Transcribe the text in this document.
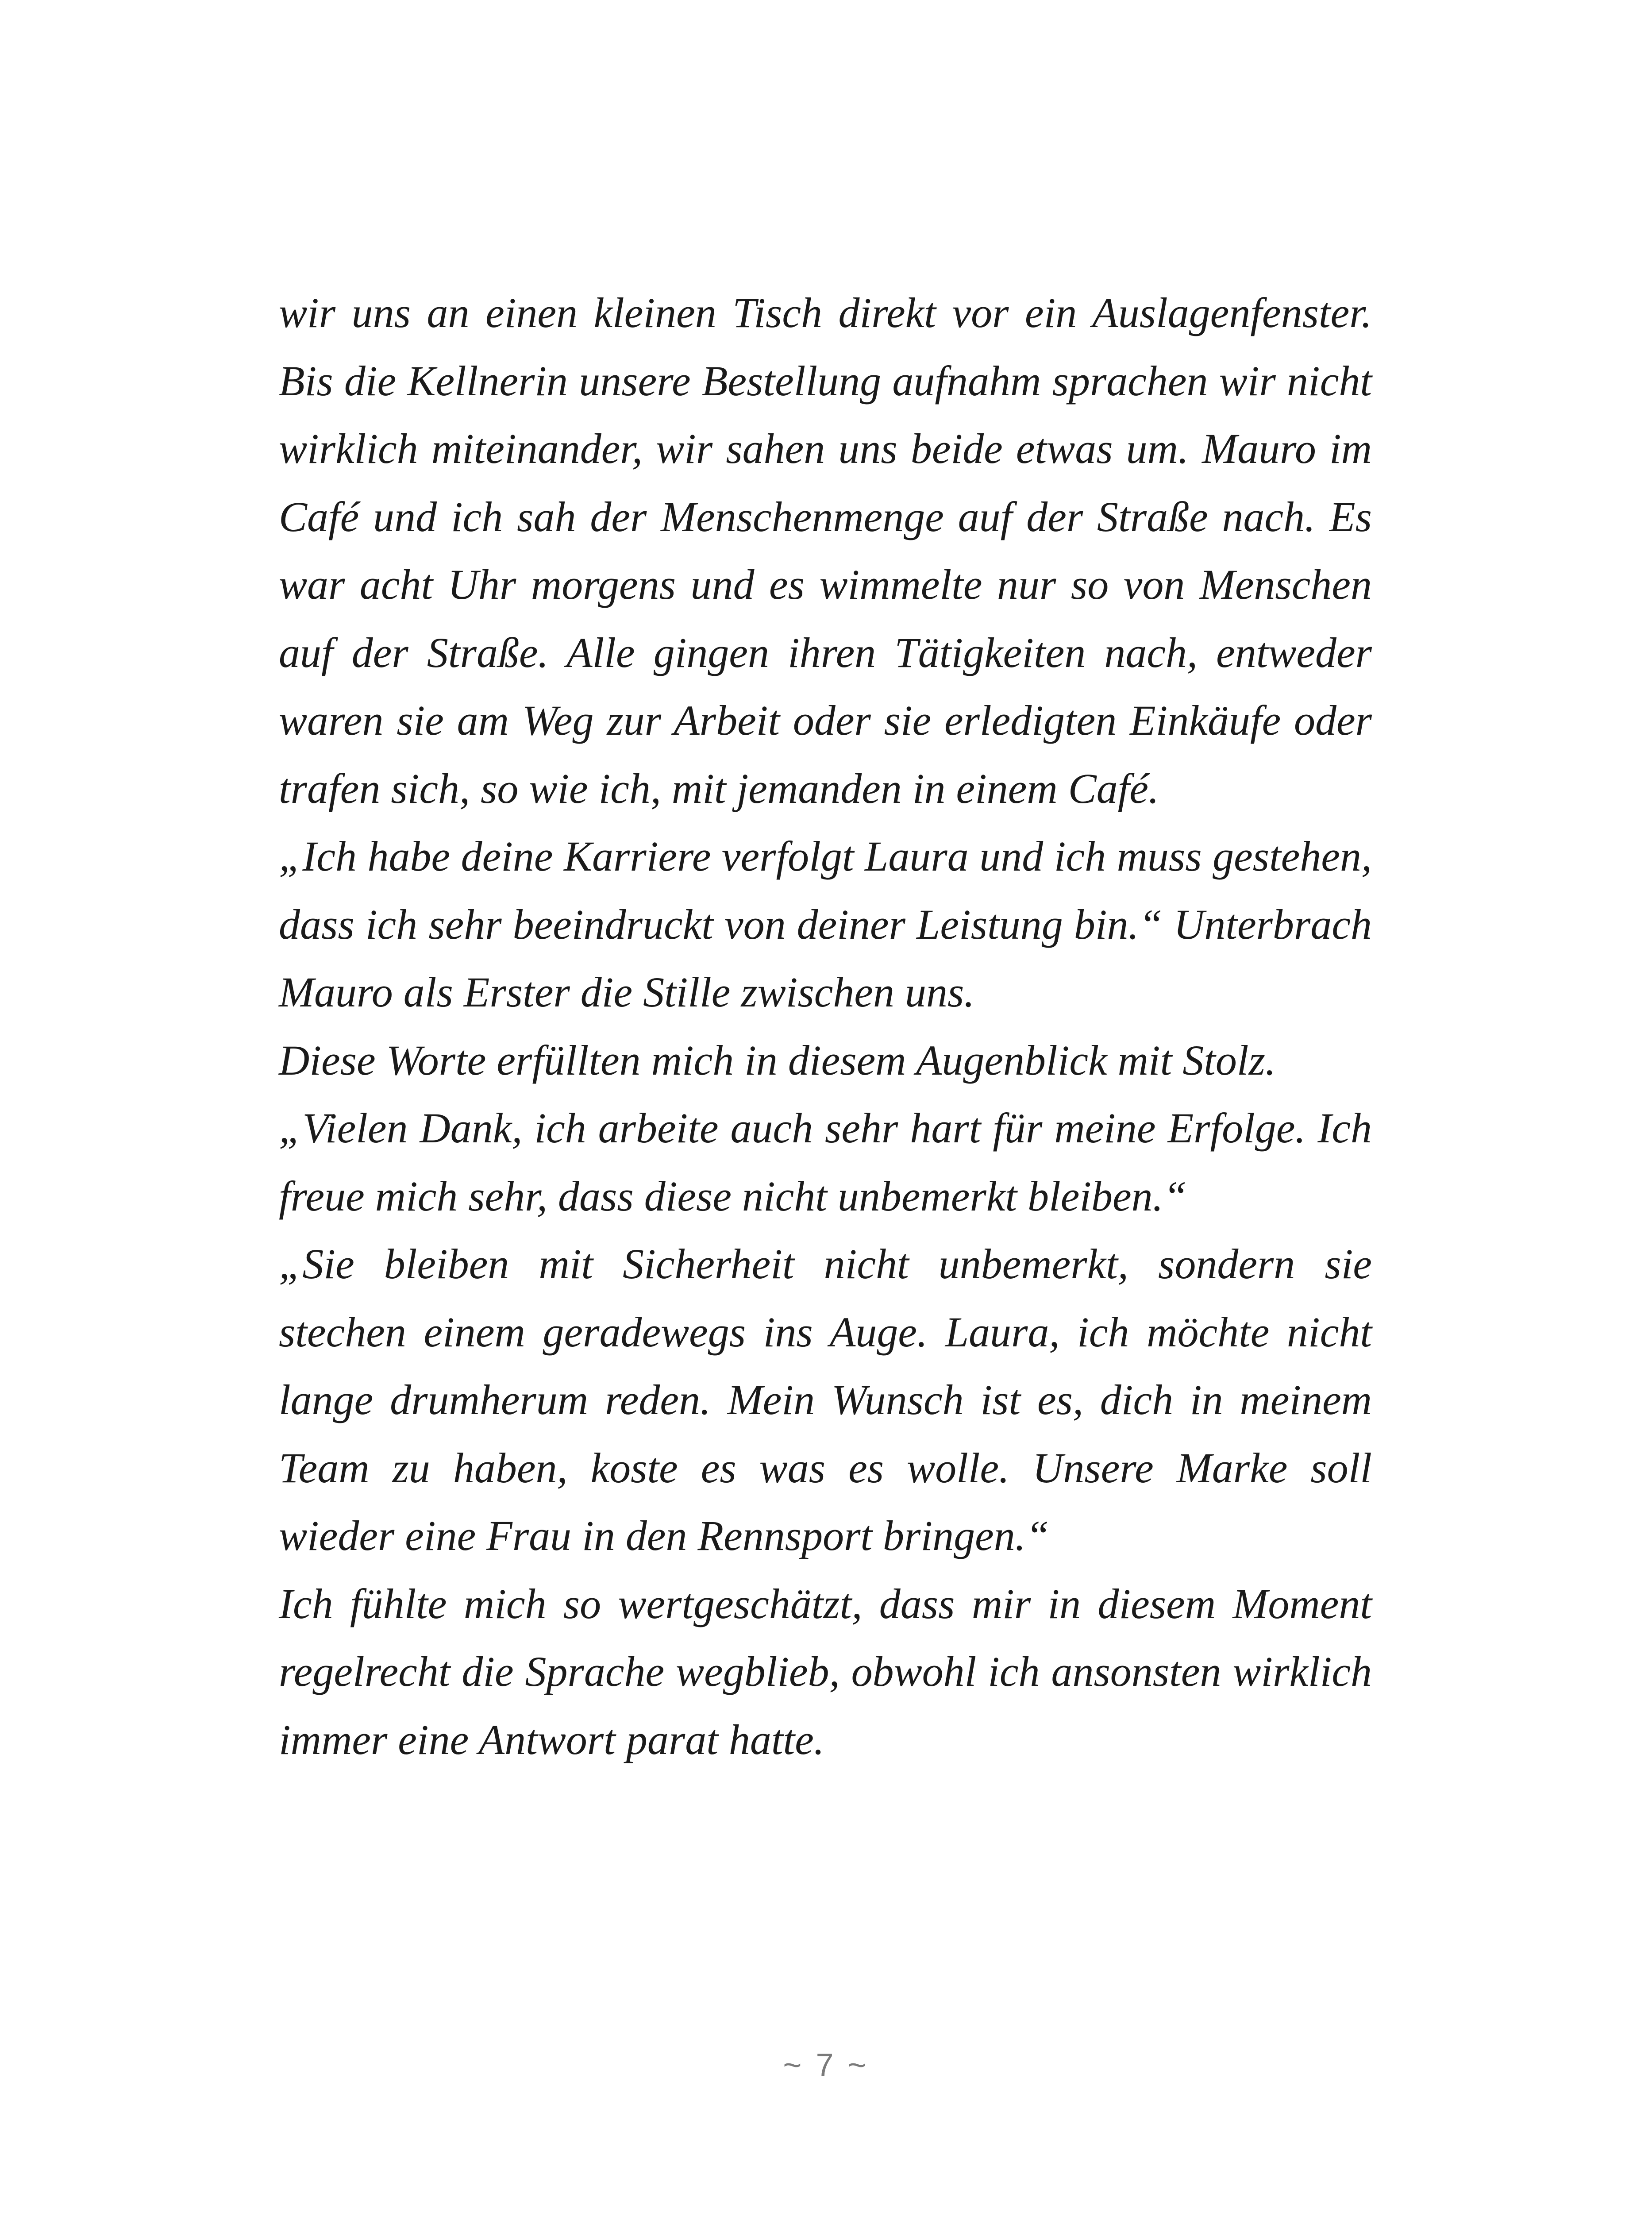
wir uns an einen kleinen Tisch direkt vor ein Auslagenfenster. Bis die Kellnerin unsere Bestellung aufnahm sprachen wir nicht wirklich miteinander, wir sahen uns beide etwas um. Mauro im Café und ich sah der Menschenmenge auf der Straße nach. Es war acht Uhr morgens und es wimmelte nur so von Menschen auf der Straße. Alle gingen ihren Tätigkeiten nach, entweder waren sie am Weg zur Arbeit oder sie erledigten Einkäufe oder trafen sich, so wie ich, mit jemanden in einem Café.

„Ich habe deine Karriere verfolgt Laura und ich muss gestehen, dass ich sehr beeindruckt von deiner Leistung bin.“ Unterbrach Mauro als Erster die Stille zwischen uns.

Diese Worte erfüllten mich in diesem Augenblick mit Stolz.

„Vielen Dank, ich arbeite auch sehr hart für meine Erfolge. Ich freue mich sehr, dass diese nicht unbemerkt bleiben.“

„Sie bleiben mit Sicherheit nicht unbemerkt, sondern sie stechen einem geradewegs ins Auge. Laura, ich möchte nicht lange drumherum reden. Mein Wunsch ist es, dich in meinem Team zu haben, koste es was es wolle. Unsere Marke soll wieder eine Frau in den Rennsport bringen.“

Ich fühlte mich so wertgeschätzt, dass mir in diesem Moment regelrecht die Sprache wegblieb, obwohl ich ansonsten wirklich immer eine Antwort parat hatte.

~ 7 ~
